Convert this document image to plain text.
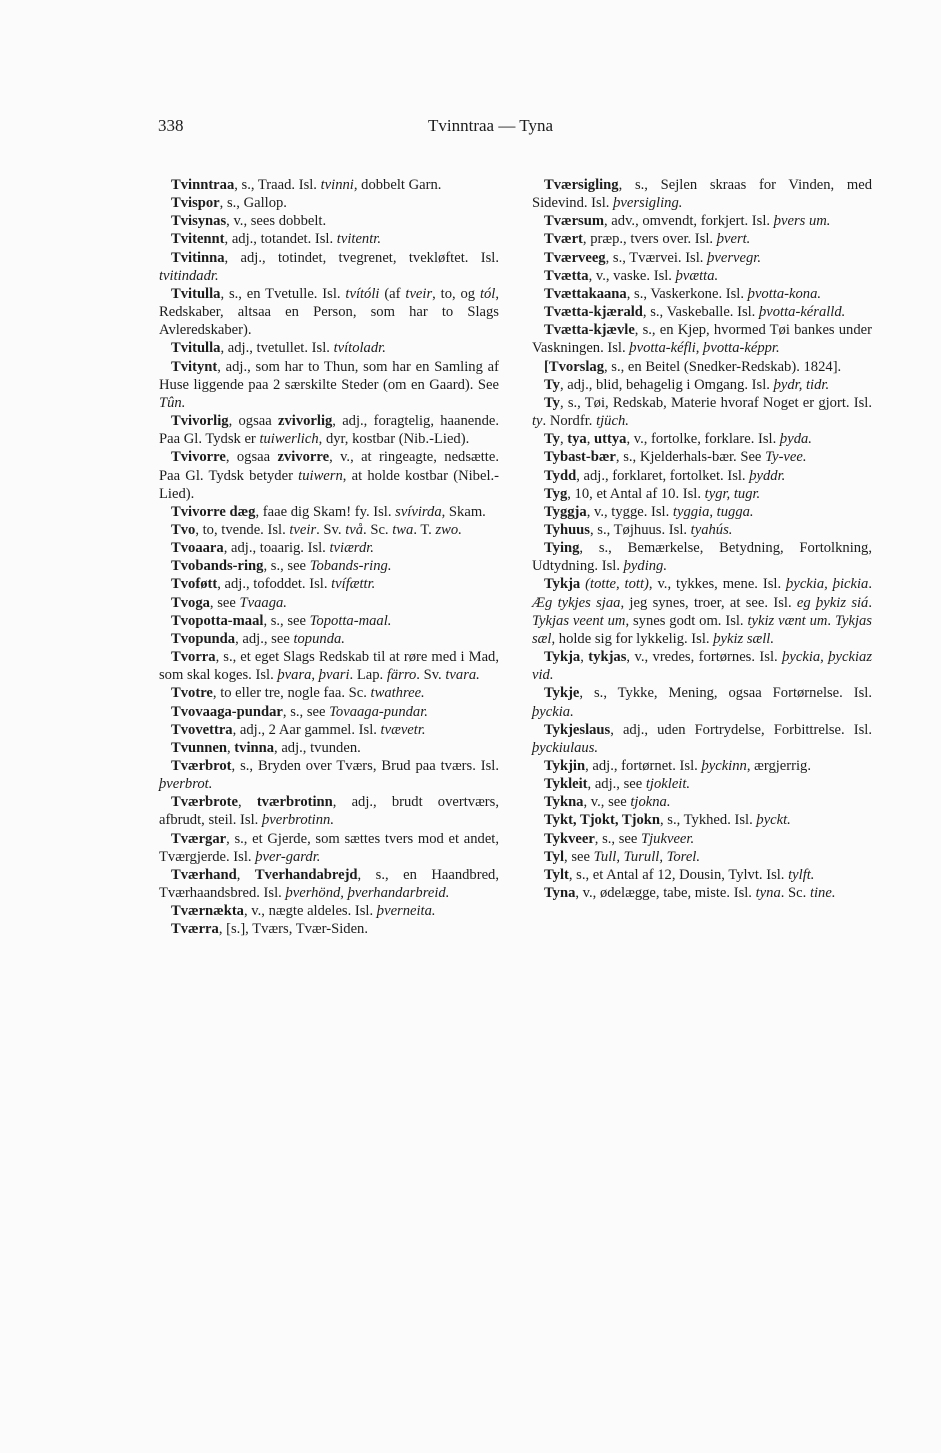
338	Tvinntraa — Tyna

Tvinntraa, s., Traad. Isl. tvinni, dobbelt Garn.

Tvispor, s., Gallop.

Tvisynas, v., sees dobbelt.

Tvitennt, adj., totandet. Isl. tvitentr.

Tvitinna, adj., totindet, tvegrenet, tvekløftet. Isl. tvitindadr.

Tvitulla, s., en Tvetulle. Isl. tvítóli (af tveir, to, og tól, Redskaber, altsaa en Person, som har to Slags Avleredskaber).

Tvitulla, adj., tvetullet. Isl. tvítoladr.

Tvitynt, adj., som har to Thun, som har en Samling af Huse liggende paa 2 særskilte Steder (om en Gaard). See Tûn.

Tvivorlig, ogsaa zvivorlig, adj., foragtelig, haanende. Paa Gl. Tydsk er tuiwerlich, dyr, kostbar (Nib.-Lied).

Tvivorre, ogsaa zvivorre, v., at ringeagte, nedsætte. Paa Gl. Tydsk betyder tuiwern, at holde kostbar (Nibel.-Lied).

Tvivorre dæg, faae dig Skam! fy. Isl. svívirda, Skam.

Tvo, to, tvende. Isl. tveir. Sv. två. Sc. twa. T. zwo.

Tvoaara, adj., toaarig. Isl. tviærdr.

Tvobands-ring, s., see Tobands-ring.

Tvoføtt, adj., tofoddet. Isl. tvífættr.

Tvoga, see Tvaaga.

Tvopotta-maal, s., see Topotta-maal.

Tvopunda, adj., see topunda.

Tvorra, s., et eget Slags Redskab til at røre med i Mad, som skal koges. Isl. þvara, þvari. Lap. färro. Sv. tvara.

Tvotre, to eller tre, nogle faa. Sc. twathree.

Tvovaaga-pundar, s., see Tovaaga-pundar.

Tvovettra, adj., 2 Aar gammel. Isl. tvævetr.

Tvunnen, tvinna, adj., tvunden.

Tværbrot, s., Bryden over Tværs, Brud paa tværs. Isl. þverbrot.

Tværbrote, tværbrotinn, adj., brudt overtværs, afbrudt, steil. Isl. þverbrotinn.

Tværgar, s., et Gjerde, som sættes tvers mod et andet, Tværgjerde. Isl. þver-gardr.

Tværhand, Tverhandabrejd, s., en Haandbred, Tværhaandsbred. Isl. þverhönd, þverhandarbreid.

Tværnækta, v., nægte aldeles. Isl. þverneita.

Tværra, [s.], Tværs, Tvær-Siden.

Tværsigling, s., Sejlen skraas for Vinden, med Sidevind. Isl. þversigling.

Tværsum, adv., omvendt, forkjert. Isl. þvers um.

Tvært, præp., tvers over. Isl. þvert.

Tværveeg, s., Tværvei. Isl. þvervegr.

Tvætta, v., vaske. Isl. þvætta.

Tvættakaana, s., Vaskerkone. Isl. þvotta-kona.

Tvætta-kjærald, s., Vaskeballe. Isl. þvotta-kéralld.

Tvætta-kjævle, s., en Kjep, hvormed Tøi bankes under Vaskningen. Isl. þvotta-kéfli, þvotta-képpr.

[Tvorslag, s., en Beitel (Snedker-Redskab). 1824].

Ty, adj., blid, behagelig i Omgang. Isl. þydr, tidr.

Ty, s., Tøi, Redskab, Materie hvoraf Noget er gjort. Isl. ty. Nordfr. tjüch.

Ty, tya, uttya, v., fortolke, forklare. Isl. þyda.

Tybast-bær, s., Kjelderhals-bær. See Ty-vee.

Tydd, adj., forklaret, fortolket. Isl. þyddr.

Tyg, 10, et Antal af 10. Isl. tygr, tugr.

Tyggja, v., tygge. Isl. tyggia, tugga.

Tyhuus, s., Tøjhuus. Isl. tyahús.

Tying, s., Bemærkelse, Betydning, Fortolkning, Udtydning. Isl. þyding.

Tykja (totte, tott), v., tykkes, mene. Isl. þyckia, þickia. Æg tykjes sjaa, jeg synes, troer, at see. Isl. eg þykiz siá. Tykjas veent um, synes godt om. Isl. tykiz vænt um. Tykjas sæl, holde sig for lykkelig. Isl. þykiz sæll.

Tykja, tykjas, v., vredes, fortørnes. Isl. þyckia, þyckiaz vid.

Tykje, s., Tykke, Mening, ogsaa Fortørnelse. Isl. þyckia.

Tykjeslaus, adj., uden Fortrydelse, Forbittrelse. Isl. þyckiulaus.

Tykjin, adj., fortørnet. Isl. þyckinn, ærgjerrig.

Tykleit, adj., see tjokleit.

Tykna, v., see tjokna.

Tykt, Tjokt, Tjokn, s., Tykhed. Isl. þyckt.

Tykveer, s., see Tjukveer.

Tyl, see Tull, Turull, Torel.

Tylt, s., et Antal af 12, Dousin, Tylvt. Isl. tylft.

Tyna, v., ødelægge, tabe, miste. Isl. tyna. Sc. tine.
